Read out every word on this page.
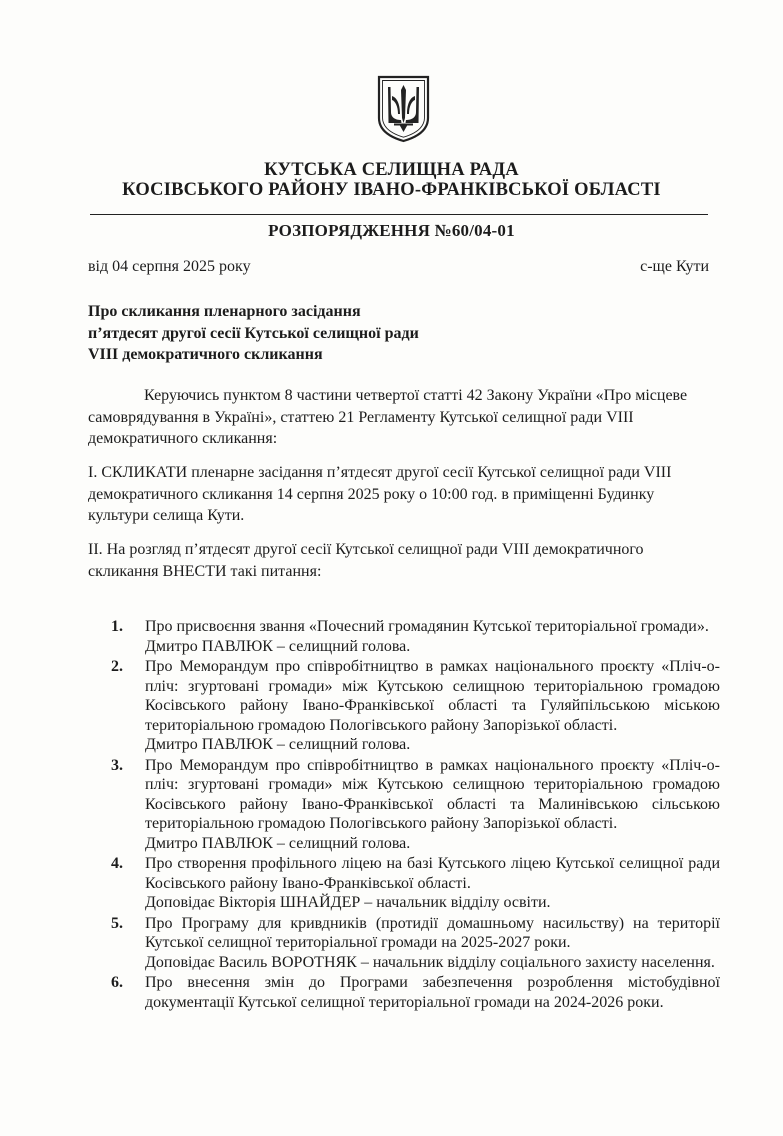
КУТСЬКА СЕЛИЩНА РАДА
КОСІВСЬКОГО РАЙОНУ ІВАНО-ФРАНКІВСЬКОЇ ОБЛАСТІ
РОЗПОРЯДЖЕННЯ №60/04-01
від 04 серпня 2025 року	с-ще Кути
Про скликання пленарного засідання
п’ятдесят другої сесії Кутської селищної ради
VIII демократичного скликання
Керуючись пунктом 8 частини четвертої статті 42 Закону України «Про місцеве самоврядування в Україні», статтею 21 Регламенту Кутської селищної ради VIII демократичного скликання:
I. СКЛИКАТИ пленарне засідання п’ятдесят другої сесії Кутської селищної ради VIII демократичного скликання 14 серпня 2025 року о 10:00 год. в приміщенні Будинку культури селища Кути.
II. На розгляд п’ятдесят другої сесії Кутської селищної ради VIII демократичного скликання ВНЕСТИ такі питання:
1.	Про присвоєння звання «Почесний громадянин Кутської територіальної громади».
Дмитро ПАВЛЮК – селищний голова.
2.	Про Меморандум про співробітництво в рамках національного проєкту «Пліч-о-пліч: згуртовані громади» між Кутською селищною територіальною громадою Косівського району Івано-Франківської області та Гуляйпільською міською територіальною громадою Пологівського району Запорізької області.
Дмитро ПАВЛЮК – селищний голова.
3.	Про Меморандум про співробітництво в рамках національного проєкту «Пліч-о-пліч: згуртовані громади» між Кутською селищною територіальною громадою Косівського району Івано-Франківської області та Малинівською сільською територіальною громадою Пологівського району Запорізької області.
Дмитро ПАВЛЮК – селищний голова.
4.	Про створення профільного ліцею на базі Кутського ліцею Кутської селищної ради Косівського району Івано-Франківської області.
Доповідає Вікторія ШНАЙДЕР – начальник відділу освіти.
5.	Про Програму для кривдників (протидії домашньому насильству) на території Кутської селищної територіальної громади на 2025-2027 роки.
Доповідає Василь ВОРОТНЯК – начальник відділу соціального захисту населення.
6.	Про внесення змін до Програми забезпечення розроблення містобудівної документації Кутської селищної територіальної громади на 2024-2026 роки.
